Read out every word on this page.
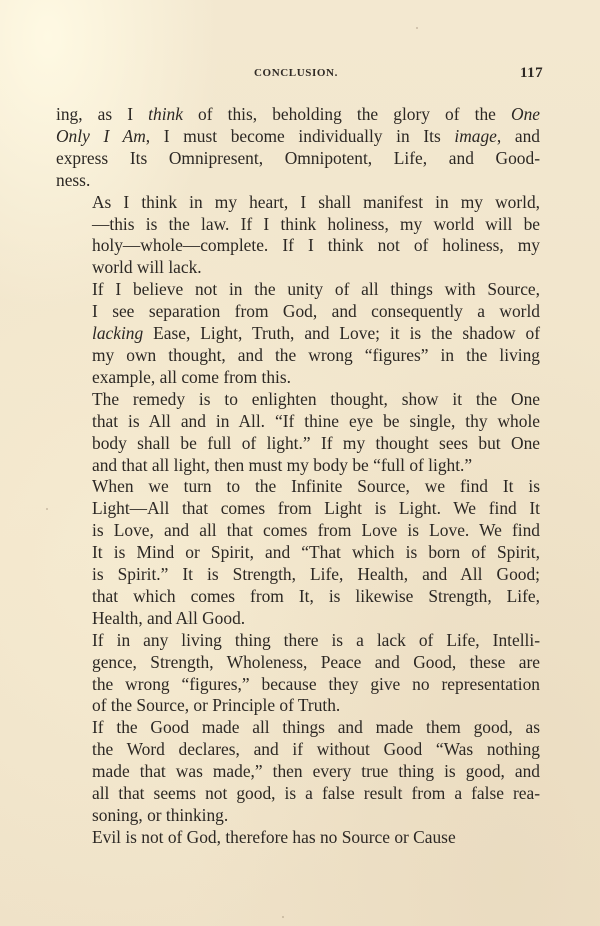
CONCLUSION.	117

ing, as I think of this, beholding the glory of the One
Only I Am, I must become individually in Its image, and
express Its Omnipresent, Omnipotent, Life, and Good-
ness.

As I think in my heart, I shall manifest in my world,
—this is the law. If I think holiness, my world will be
holy—whole—complete. If I think not of holiness, my
world will lack.

If I believe not in the unity of all things with Source,
I see separation from God, and consequently a world
lacking Ease, Light, Truth, and Love; it is the shadow of
my own thought, and the wrong “figures” in the living
example, all come from this.

The remedy is to enlighten thought, show it the One
that is All and in All. “If thine eye be single, thy whole
body shall be full of light.” If my thought sees but One
and that all light, then must my body be “full of light.”

When we turn to the Infinite Source, we find It is
Light—All that comes from Light is Light. We find It
is Love, and all that comes from Love is Love. We find
It is Mind or Spirit, and “That which is born of Spirit,
is Spirit.” It is Strength, Life, Health, and All Good;
that which comes from It, is likewise Strength, Life,
Health, and All Good.

If in any living thing there is a lack of Life, Intelli-
gence, Strength, Wholeness, Peace and Good, these are
the wrong “figures,” because they give no representation
of the Source, or Principle of Truth.

If the Good made all things and made them good, as
the Word declares, and if without Good “Was nothing
made that was made,” then every true thing is good, and
all that seems not good, is a false result from a false rea-
soning, or thinking.

Evil is not of God, therefore has no Source or Cause
